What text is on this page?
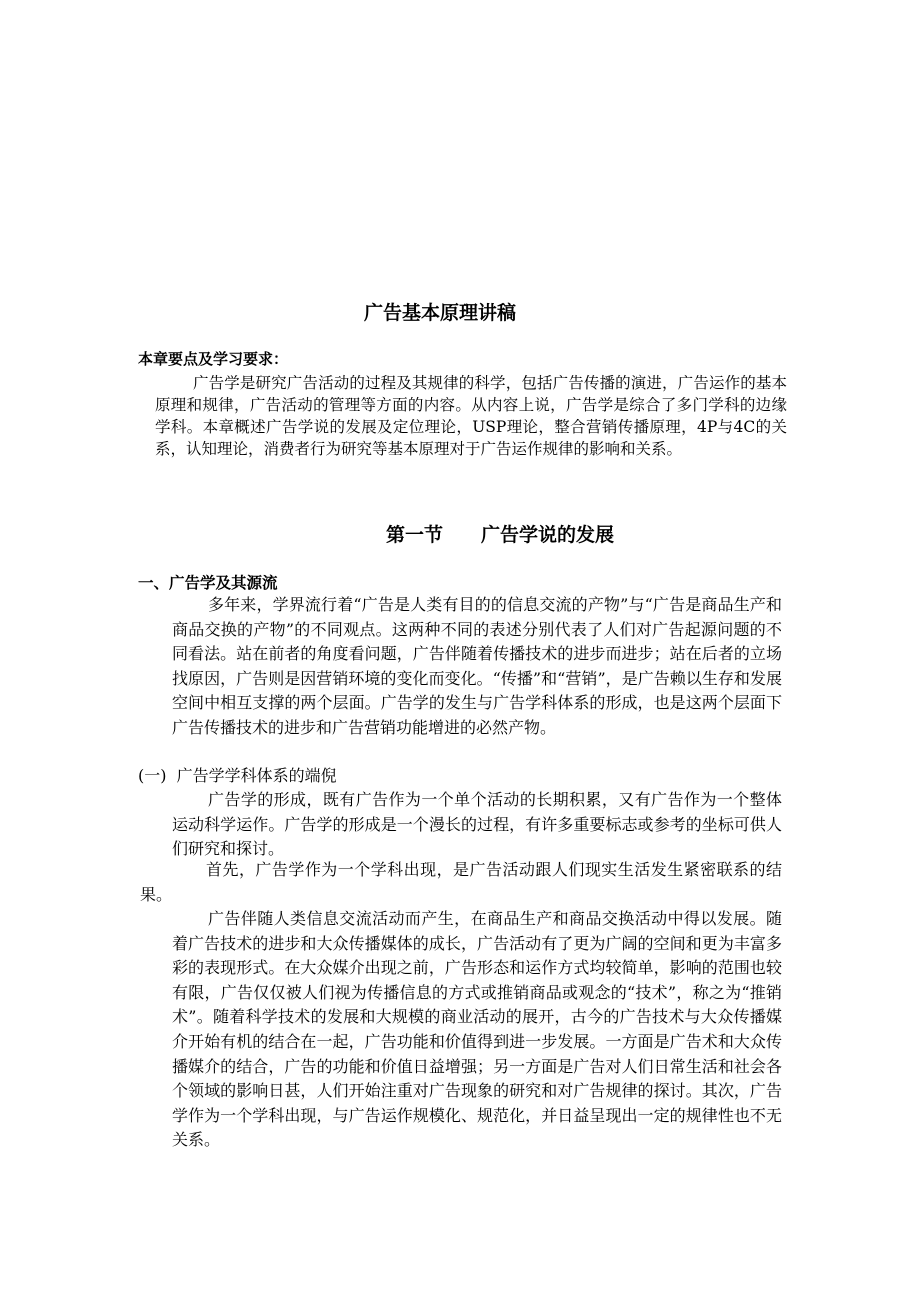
广告基本原理讲稿
本章要点及学习要求：

广告学是研究广告活动的过程及其规律的科学，包括广告传播的演进，广告运作的基本原理和规律，广告活动的管理等方面的内容。从内容上说，广告学是综合了多门学科的边缘学科。本章概述广告学说的发展及定位理论，USP理论，整合营销传播原理，4P与4C的关系，认知理论，消费者行为研究等基本原理对于广告运作规律的影响和关系。

第一节　　广告学说的发展
一、广告学及其源流

多年来，学界流行着“广告是人类有目的的信息交流的产物”与“广告是商品生产和商品交换的产物”的不同观点。这两种不同的表述分别代表了人们对广告起源问题的不同看法。站在前者的角度看问题，广告伴随着传播技术的进步而进步；站在后者的立场找原因，广告则是因营销环境的变化而变化。“传播”和“营销”，是广告赖以生存和发展空间中相互支撑的两个层面。广告学的发生与广告学科体系的形成，也是这两个层面下广告传播技术的进步和广告营销功能增进的必然产物。

(一)  广告学学科体系的端倪

广告学的形成，既有广告作为一个单个活动的长期积累，又有广告作为一个整体运动科学运作。广告学的形成是一个漫长的过程，有许多重要标志或参考的坐标可供人们研究和探讨。

首先，广告学作为一个学科出现，是广告活动跟人们现实生活发生紧密联系的结果。

广告伴随人类信息交流活动而产生，在商品生产和商品交换活动中得以发展。随着广告技术的进步和大众传播媒体的成长，广告活动有了更为广阔的空间和更为丰富多彩的表现形式。在大众媒介出现之前，广告形态和运作方式均较简单，影响的范围也较有限，广告仅仅被人们视为传播信息的方式或推销商品或观念的“技术”，称之为“推销术”。随着科学技术的发展和大规模的商业活动的展开，古今的广告技术与大众传播媒介开始有机的结合在一起，广告功能和价值得到进一步发展。一方面是广告术和大众传播媒介的结合，广告的功能和价值日益增强；另一方面是广告对人们日常生活和社会各个领域的影响日甚，人们开始注重对广告现象的研究和对广告规律的探讨。其次，广告学作为一个学科出现，与广告运作规模化、规范化，并日益呈现出一定的规律性也不无关系。
